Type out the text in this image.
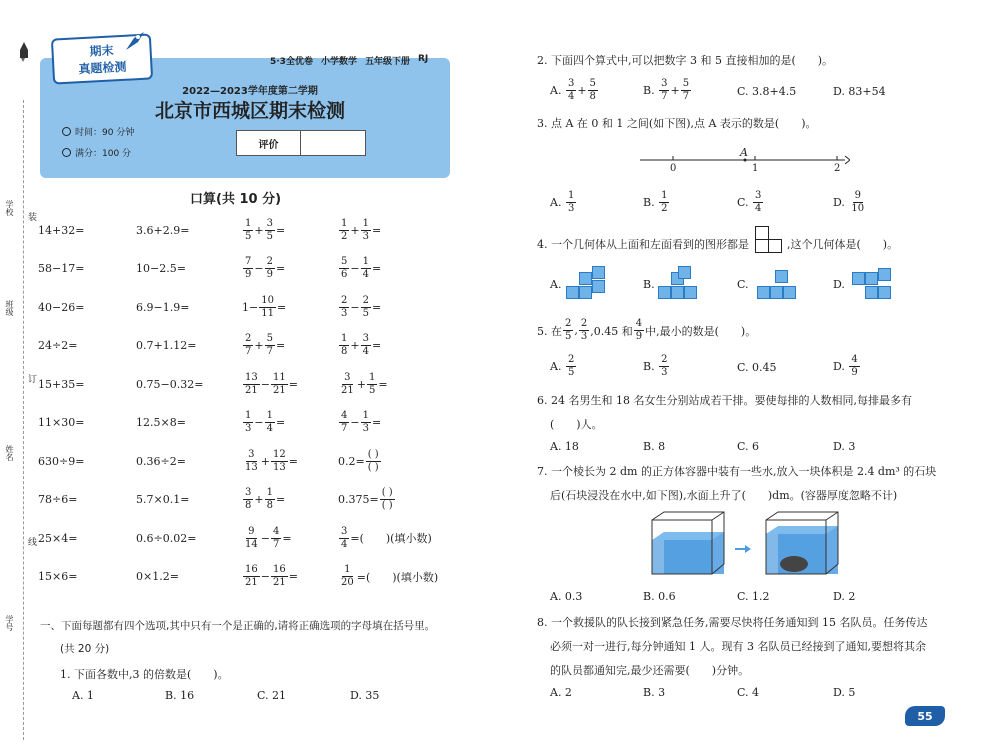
学校
装
班级
订
姓名
线
学号
期末
真题检测	5·3全优卷 小学数学 五年级下册 RJ
2022—2023学年度第二学期
北京市西城区期末检测
时间：90 分钟
满分：100 分
评价
口算(共 10 分)
14+32=	3.6+2.9=	$\frac{1}{5} + \frac{3}{5}$ =	$\frac{1}{2} + \frac{1}{3}$ =
58−17=	10−2.5=	$\frac{7}{9} - \frac{2}{9}$ =	$\frac{5}{6} - \frac{1}{4}$ =
40−26=	6.9−1.9=	$1- \frac{10}{11}$ =	$\frac{2}{3} - \frac{2}{5}$ =
24÷2=	0.7+1.12=	$\frac{2}{7} + \frac{5}{7}$ =	$\frac{1}{8} + \frac{3}{4}$ =
15+35=	0.75−0.32=	$\frac{13}{21} - \frac{11}{21}$ =	$\frac{3}{21} + \frac{1}{5}$ =
11×30=	12.5×8=	$\frac{1}{3} - \frac{1}{4}$ =	$\frac{4}{7} - \frac{1}{3}$ =
630÷9=	0.36÷2=	$\frac{3}{13} + \frac{12}{13}$ =	$0.2= \frac{( )}{( )}$
78÷6=	5.7×0.1=	$\frac{3}{8} + \frac{1}{8}$ =	$0.375= \frac{( )}{( )}$
25×4=	0.6÷0.02=	$\frac{9}{14} - \frac{4}{7}$ =	$\frac{3}{4}$ =(　　)(填小数)
15×6=	0×1.2=	$\frac{16}{21} - \frac{16}{21}$ =	$\frac{1}{20}$ =(　　)(填小数)
一、下面每题都有四个选项,其中只有一个是正确的,请将正确选项的字母填在括号里。
(共 20 分)
1. 下面各数中,3 的倍数是(　　)。
A. 1	B. 16	C. 21	D. 35
2. 下面四个算式中,可以把数字 3 和 5 直接相加的是(　　)。
A.
$\frac{3}{4} + \frac{5}{8}$	B.
$\frac{3}{7} + \frac{5}{7}$	C. 3.8+4.5	D. 83+54
3. 点 A 在 0 和 1 之间(如下图),点 A 表示的数是(　　)。
A
0	1	2
A. $\frac{1}{3}$	B. $\frac{1}{2}$	C. $\frac{3}{4}$	D. $\frac{9}{10}$
4. 一个几何体从上面和左面看到的图形都是	,这个几何体是(　　)。
A.	B.	C.	D.
5. 在 $\frac{2}{5}$ , $\frac{2}{3} ,0.45$ 和 $\frac{4}{9}$ 中,最小的数是(　　)。
A. $\frac{2}{5}$	B. $\frac{2}{3}$	C. 0.45	D. $\frac{4}{9}$
6. 24 名男生和 18 名女生分别站成若干排。要使每排的人数相同,每排最多有
(　　)人。
A. 18	B. 8	C. 6	D. 3
7. 一个棱长为 2 dm 的正方体容器中装有一些水,放入一块体积是 2.4 dm³ 的石块
后(石块浸没在水中,如下图),水面上升了(　　)dm。(容器厚度忽略不计)
A. 0.3	B. 0.6	C. 1.2	D. 2
8. 一个救援队的队长接到紧急任务,需要尽快将任务通知到 15 名队员。任务传达
必须一对一进行,每分钟通知 1 人。现有 3 名队员已经接到了通知,要想将其余
的队员都通知完,最少还需要(　　)分钟。
A. 2	B. 3	C. 4	D. 5
55
